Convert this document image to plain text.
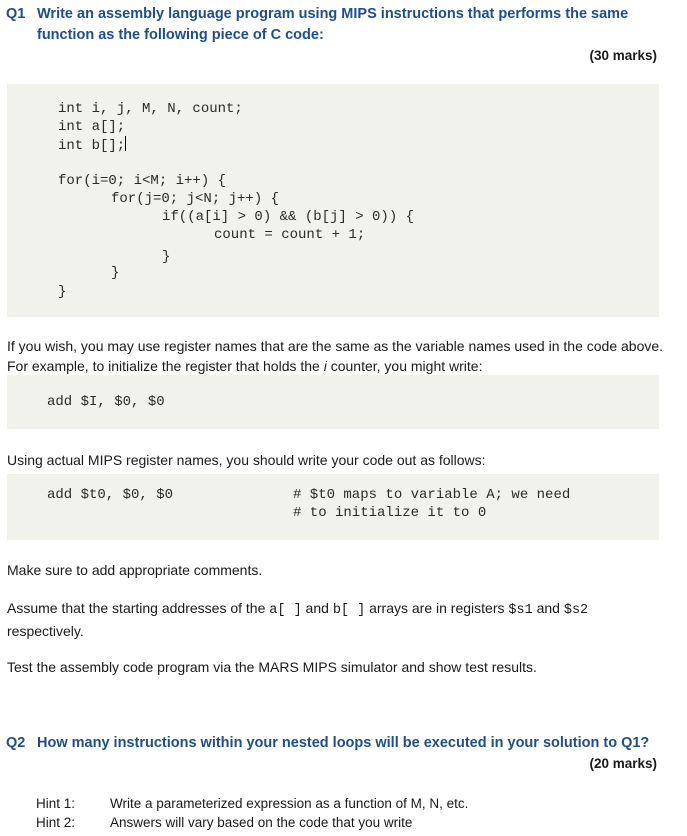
Q1 Write an assembly language program using MIPS instructions that performs the same
function as the following piece of C code:
(30 marks)
int i, j, M, N, count;
int a[];
int b[];
for(i=0; i<M; i++) {
for(j=0; j<N; j++) {
if((a[i] > 0) && (b[j] > 0)) {
count = count + 1;
}
}
}
If you wish, you may use register names that are the same as the variable names used in the code above. For example, to initialize the register that holds the i counter, you might write:
add $I, $0, $0
Using actual MIPS register names, you should write your code out as follows:
add $t0, $0, $0	# $t0 maps to variable A; we need
# to initialize it to 0
Make sure to add appropriate comments.
Assume that the starting addresses of the a[ ] and b[ ] arrays are in registers $s1 and $s2 respectively.
Test the assembly code program via the MARS MIPS simulator and show test results.
Q2 How many instructions within your nested loops will be executed in your solution to Q1?
(20 marks)
Hint 1:	Write a parameterized expression as a function of M, N, etc.
Hint 2:	Answers will vary based on the code that you write
